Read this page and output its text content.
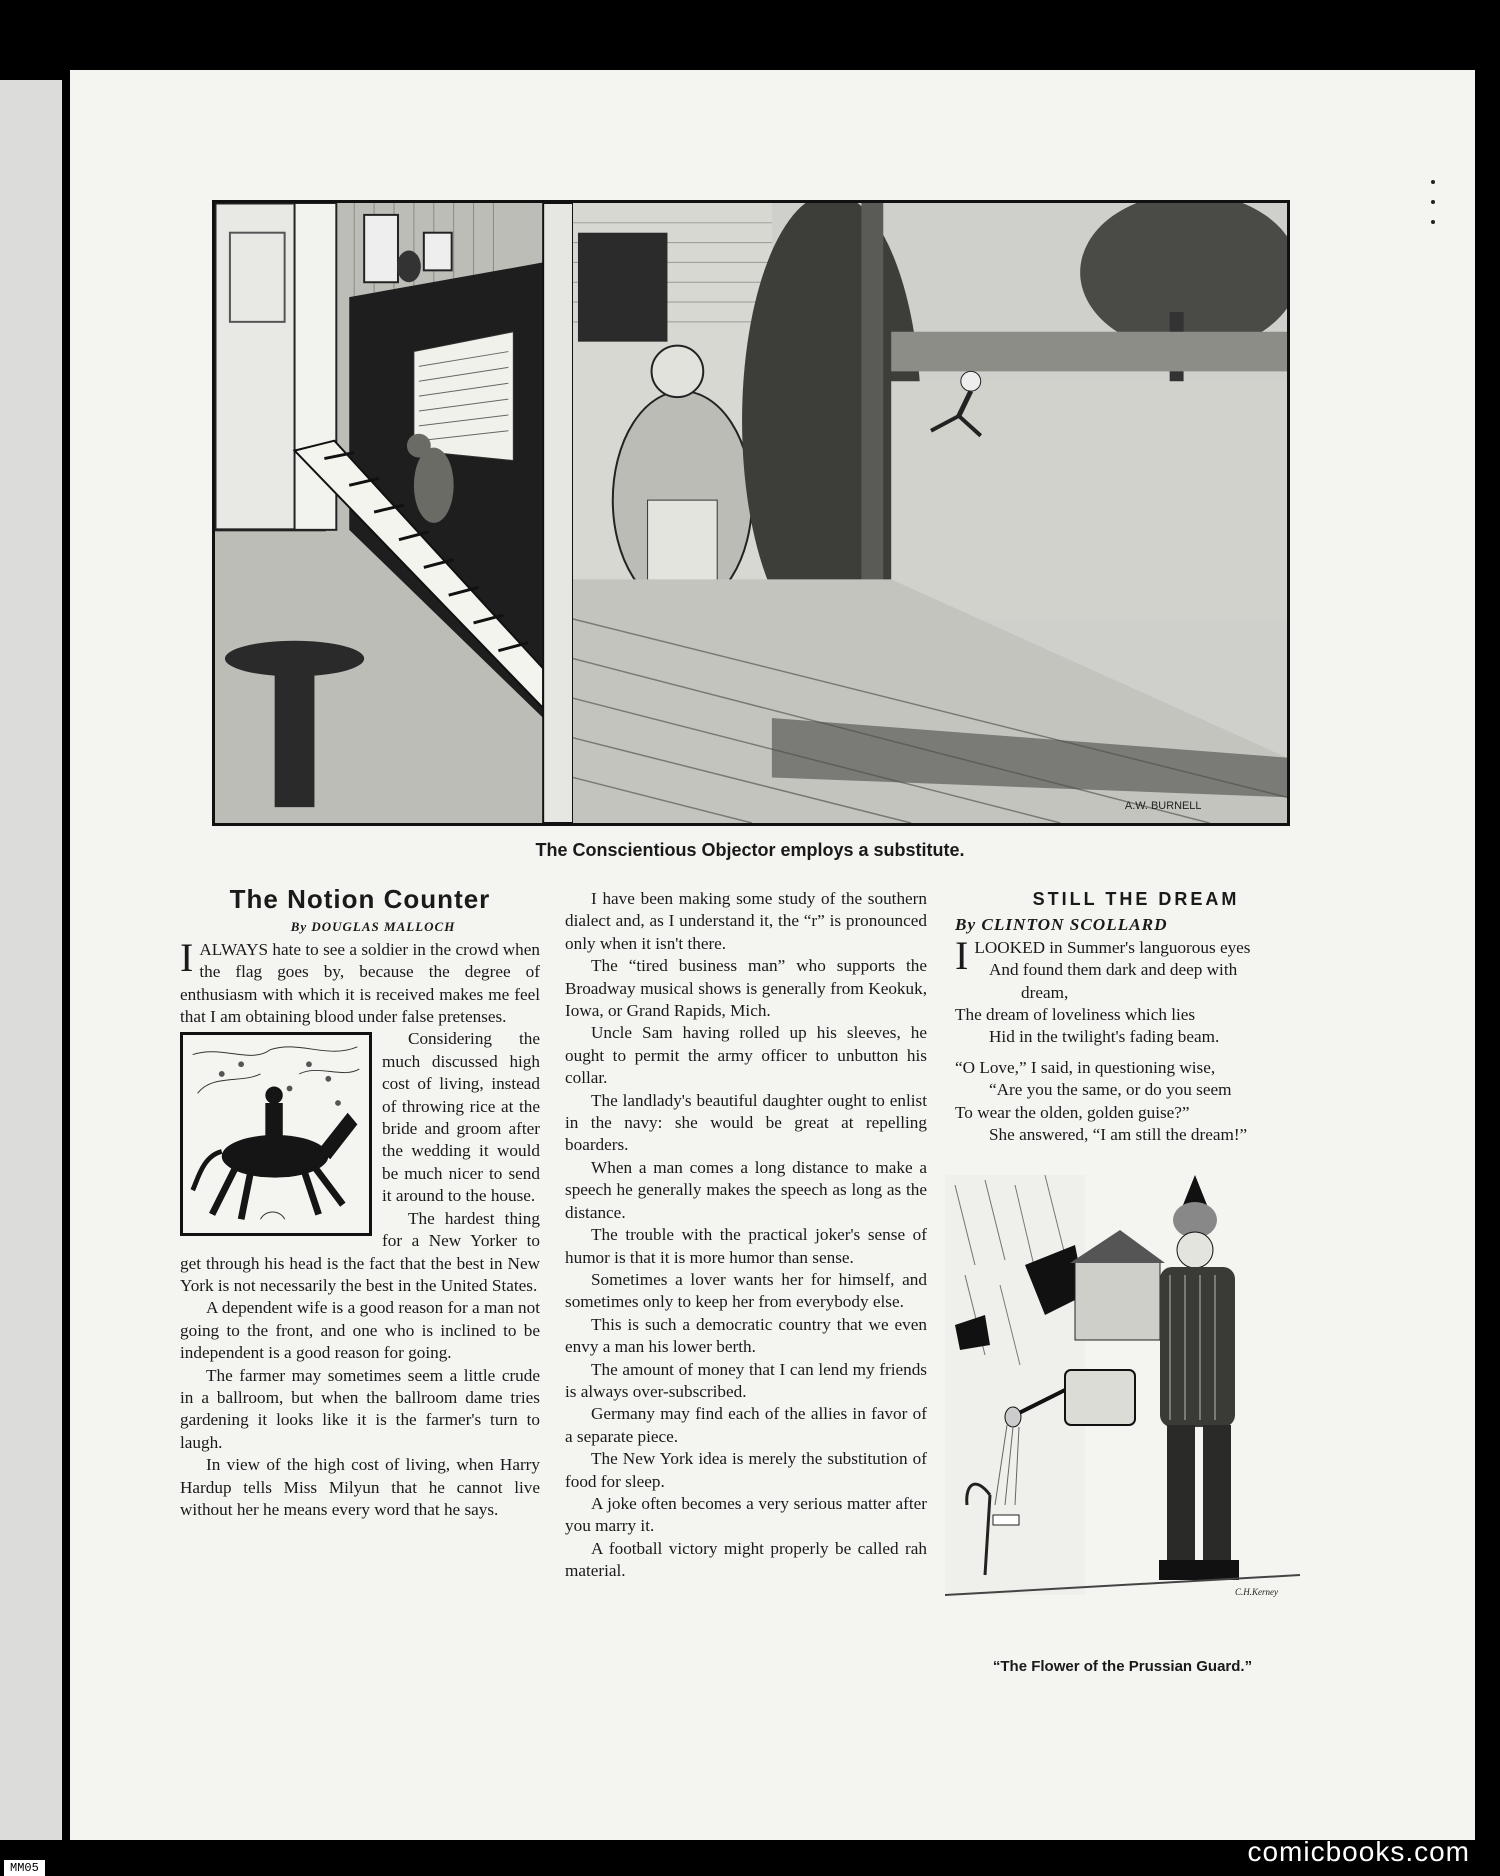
A.W. BURNELL
The Conscientious Objector employs a substitute.
The Notion Counter

By DOUGLAS MALLOCH

IALWAYS hate to see a soldier in the crowd when the flag goes by, because the degree of enthusiasm with which it is received makes me feel that I am obtaining blood under false pretenses.

Considering the much discussed high cost of living, instead of throwing rice at the bride and groom after the wedding it would be much nicer to send it around to the house.

The hardest thing for a New Yorker to get through his head is the fact that the best in New York is not necessarily the best in the United States.

A dependent wife is a good reason for a man not going to the front, and one who is inclined to be independent is a good reason for going.

The farmer may sometimes seem a little crude in a ballroom, but when the ballroom dame tries gardening it looks like it is the farmer's turn to laugh.

In view of the high cost of living, when Harry Hardup tells Miss Milyun that he cannot live without her he means every word that he says.

I have been making some study of the southern dialect and, as I understand it, the “r” is pronounced only when it isn't there.

The “tired business man” who supports the Broadway musical shows is generally from Keokuk, Iowa, or Grand Rapids, Mich.

Uncle Sam having rolled up his sleeves, he ought to permit the army officer to unbutton his collar.

The landlady's beautiful daughter ought to enlist in the navy: she would be great at repelling boarders.

When a man comes a long distance to make a speech he generally makes the speech as long as the distance.

The trouble with the practical joker's sense of humor is that it is more humor than sense.

Sometimes a lover wants her for himself, and sometimes only to keep her from everybody else.

This is such a democratic country that we even envy a man his lower berth.

The amount of money that I can lend my friends is always over-subscribed.

Germany may find each of the allies in favor of a separate piece.

The New York idea is merely the substitution of food for sleep.

A joke often becomes a very serious matter after you marry it.

A football victory might properly be called rah material.

STILL THE DREAM

By CLINTON SCOLLARD

ILOOKED in Summer's languorous eyes

And found them dark and deep with

dream,

The dream of loveliness which lies

Hid in the twilight's fading beam.

“O Love,” I said, in questioning wise,

“Are you the same, or do you seem

To wear the olden, golden guise?”

She answered, “I am still the dream!”

C.H.Kerney
“The Flower of the Prussian Guard.”
comicbooks.com
MM05
